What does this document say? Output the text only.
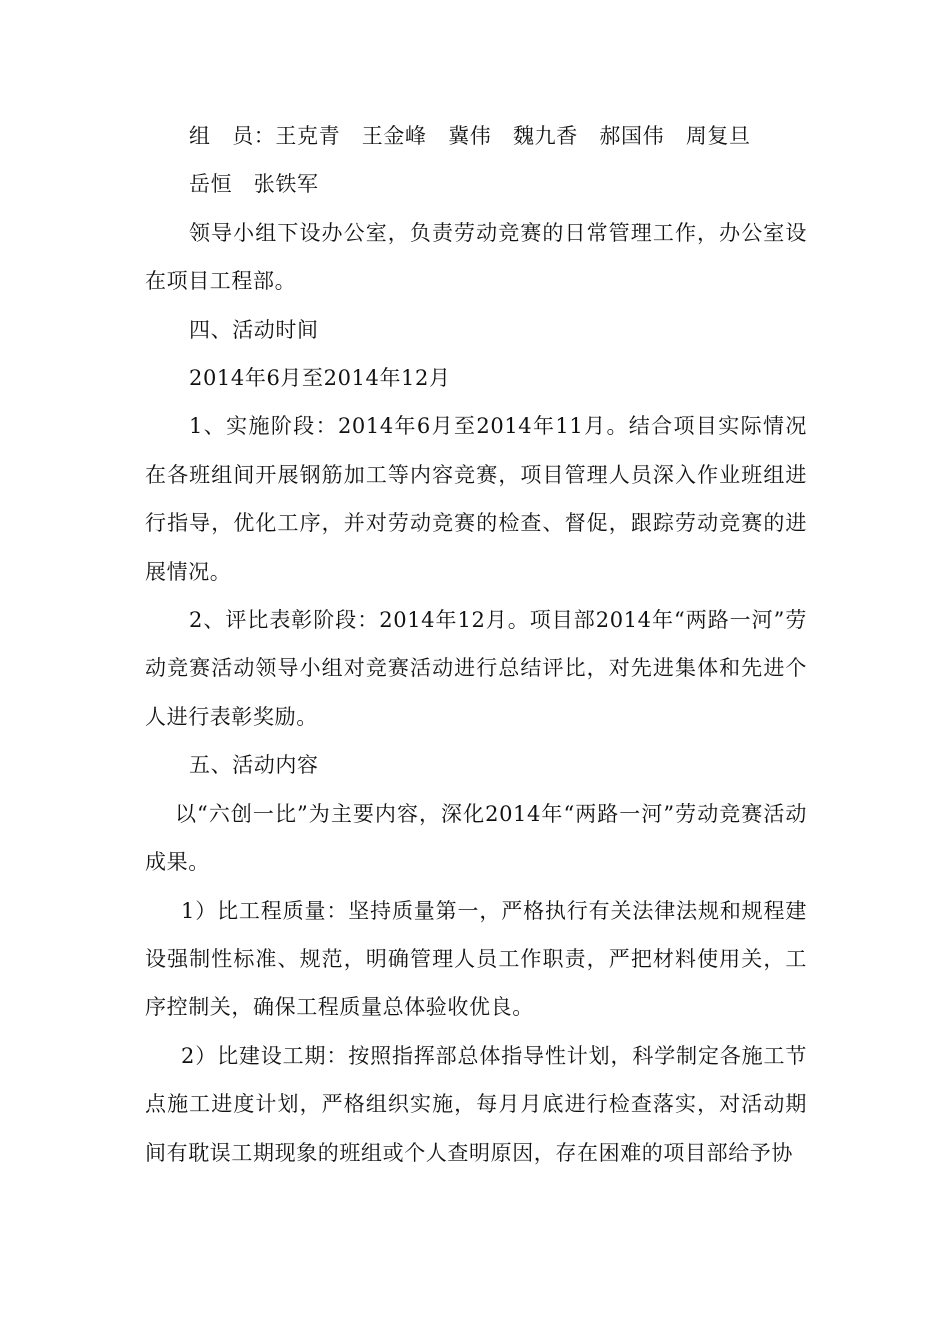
组　员：王克青　王金峰　冀伟　魏九香　郝国伟　周复旦

岳恒　张铁军

领导小组下设办公室，负责劳动竞赛的日常管理工作，办公室设在项目工程部。

四、活动时间

2014年6月至2014年12月

1、实施阶段：2014年6月至2014年11月。结合项目实际情况在各班组间开展钢筋加工等内容竞赛，项目管理人员深入作业班组进行指导，优化工序，并对劳动竞赛的检查、督促，跟踪劳动竞赛的进展情况。

2、评比表彰阶段：2014年12月。项目部2014年“两路一河”劳动竞赛活动领导小组对竞赛活动进行总结评比，对先进集体和先进个人进行表彰奖励。

五、活动内容

以“六创一比”为主要内容，深化2014年“两路一河”劳动竞赛活动成果。

1）比工程质量：坚持质量第一，严格执行有关法律法规和规程建设强制性标准、规范，明确管理人员工作职责，严把材料使用关，工序控制关，确保工程质量总体验收优良。

2）比建设工期：按照指挥部总体指导性计划，科学制定各施工节点施工进度计划，严格组织实施，每月月底进行检查落实，对活动期间有耽误工期现象的班组或个人查明原因，存在困难的项目部给予协
